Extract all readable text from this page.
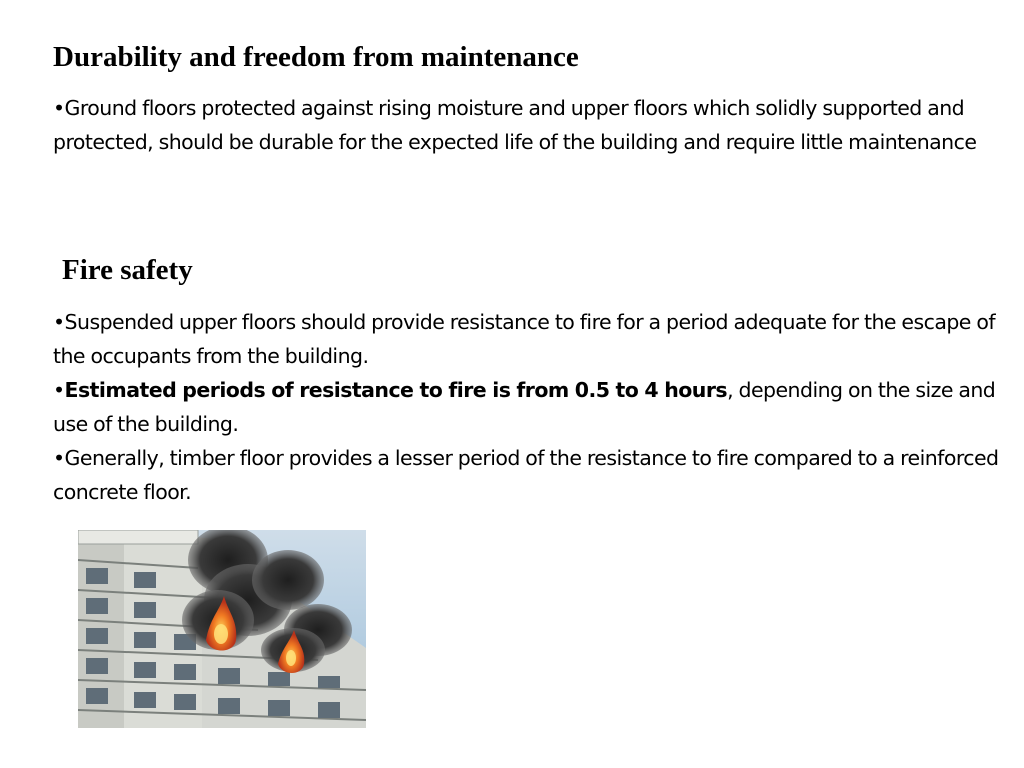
Durability and freedom from maintenance
•Ground floors protected against rising moisture and upper floors which solidly supported and protected, should be durable for the expected life of the building and require little maintenance
Fire safety
•Suspended upper floors should provide resistance to fire for a period adequate for the escape of the occupants from the building.
•Estimated periods of resistance to fire is from 0.5 to 4 hours, depending on the size and use of the building.
•Generally, timber floor provides a lesser period of the resistance to fire compared to a reinforced concrete floor.
